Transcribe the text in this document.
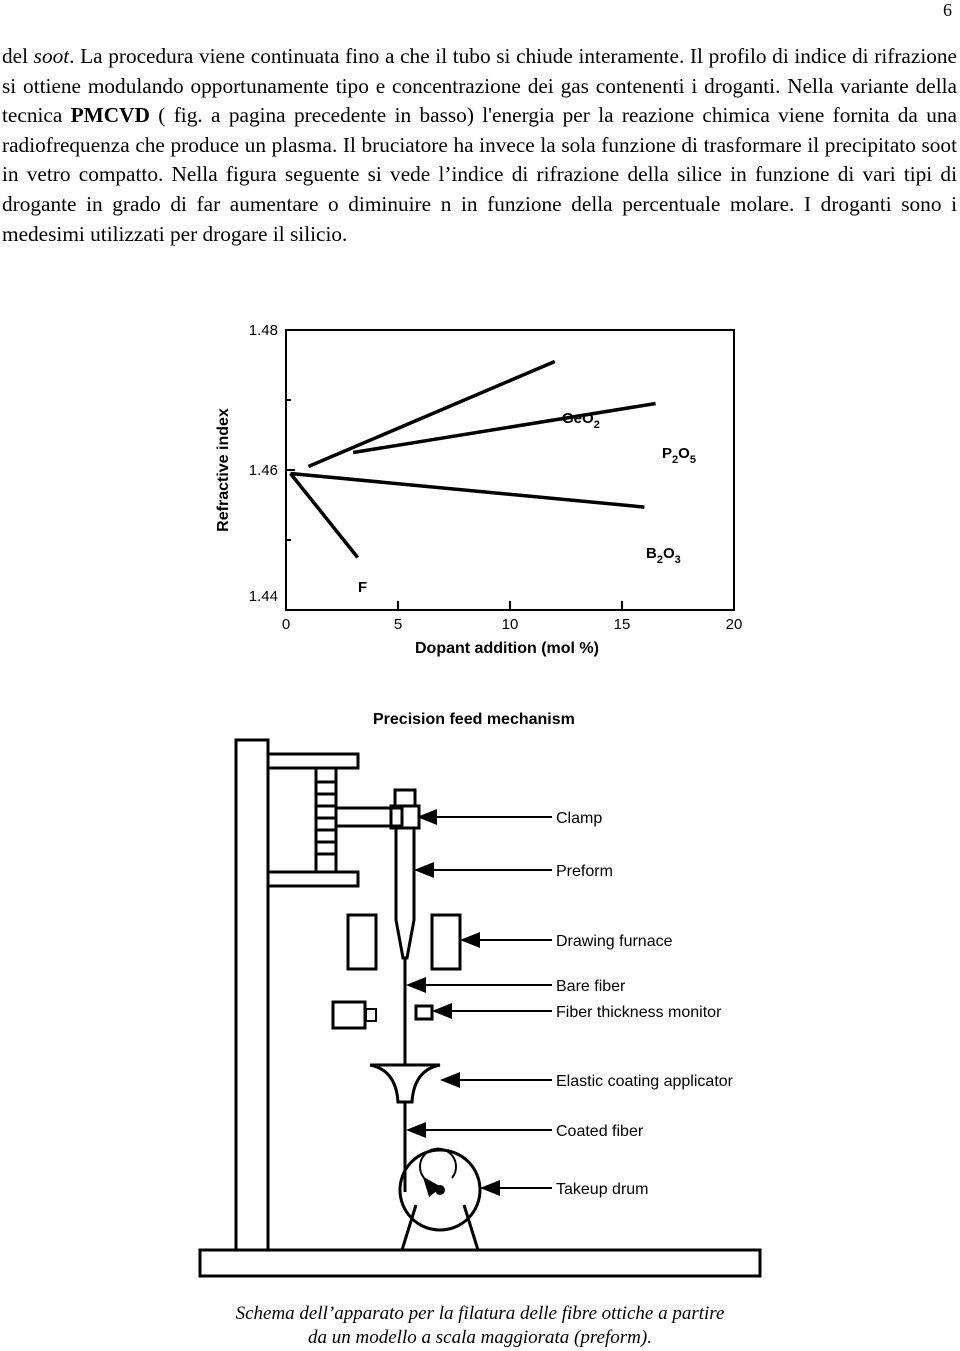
6

del soot. La procedura viene continuata fino a che il tubo si chiude interamente. Il profilo di indice di rifrazione si ottiene modulando opportunamente tipo e concentrazione dei gas contenenti i droganti. Nella variante della tecnica PMCVD ( fig. a pagina precedente in basso) l'energia per la reazione chimica viene fornita da una radiofrequenza che produce un plasma. Il bruciatore ha invece la sola funzione di trasformare il precipitato soot in vetro compatto. Nella figura seguente si vede l’indice di rifrazione della silice in funzione di vari tipi di drogante in grado di far aumentare o diminuire n in funzione della percentuale molare. I droganti sono i medesimi utilizzati per drogare il silicio.

0	5	10	15	20
1.44
1.46
1.48
Refractive index
Dopant addition (mol %)
GeO$_2$
$P_2O_5$
$B_2O_3$
F
Precision feed mechanism
Clamp
Preform
Drawing furnace
Bare fiber
Fiber thickness monitor
Elastic coating applicator
Coated fiber
Takeup drum
Schema dell’apparato per la filatura delle fibre ottiche a partire
da un modello a scala maggiorata (preform).
